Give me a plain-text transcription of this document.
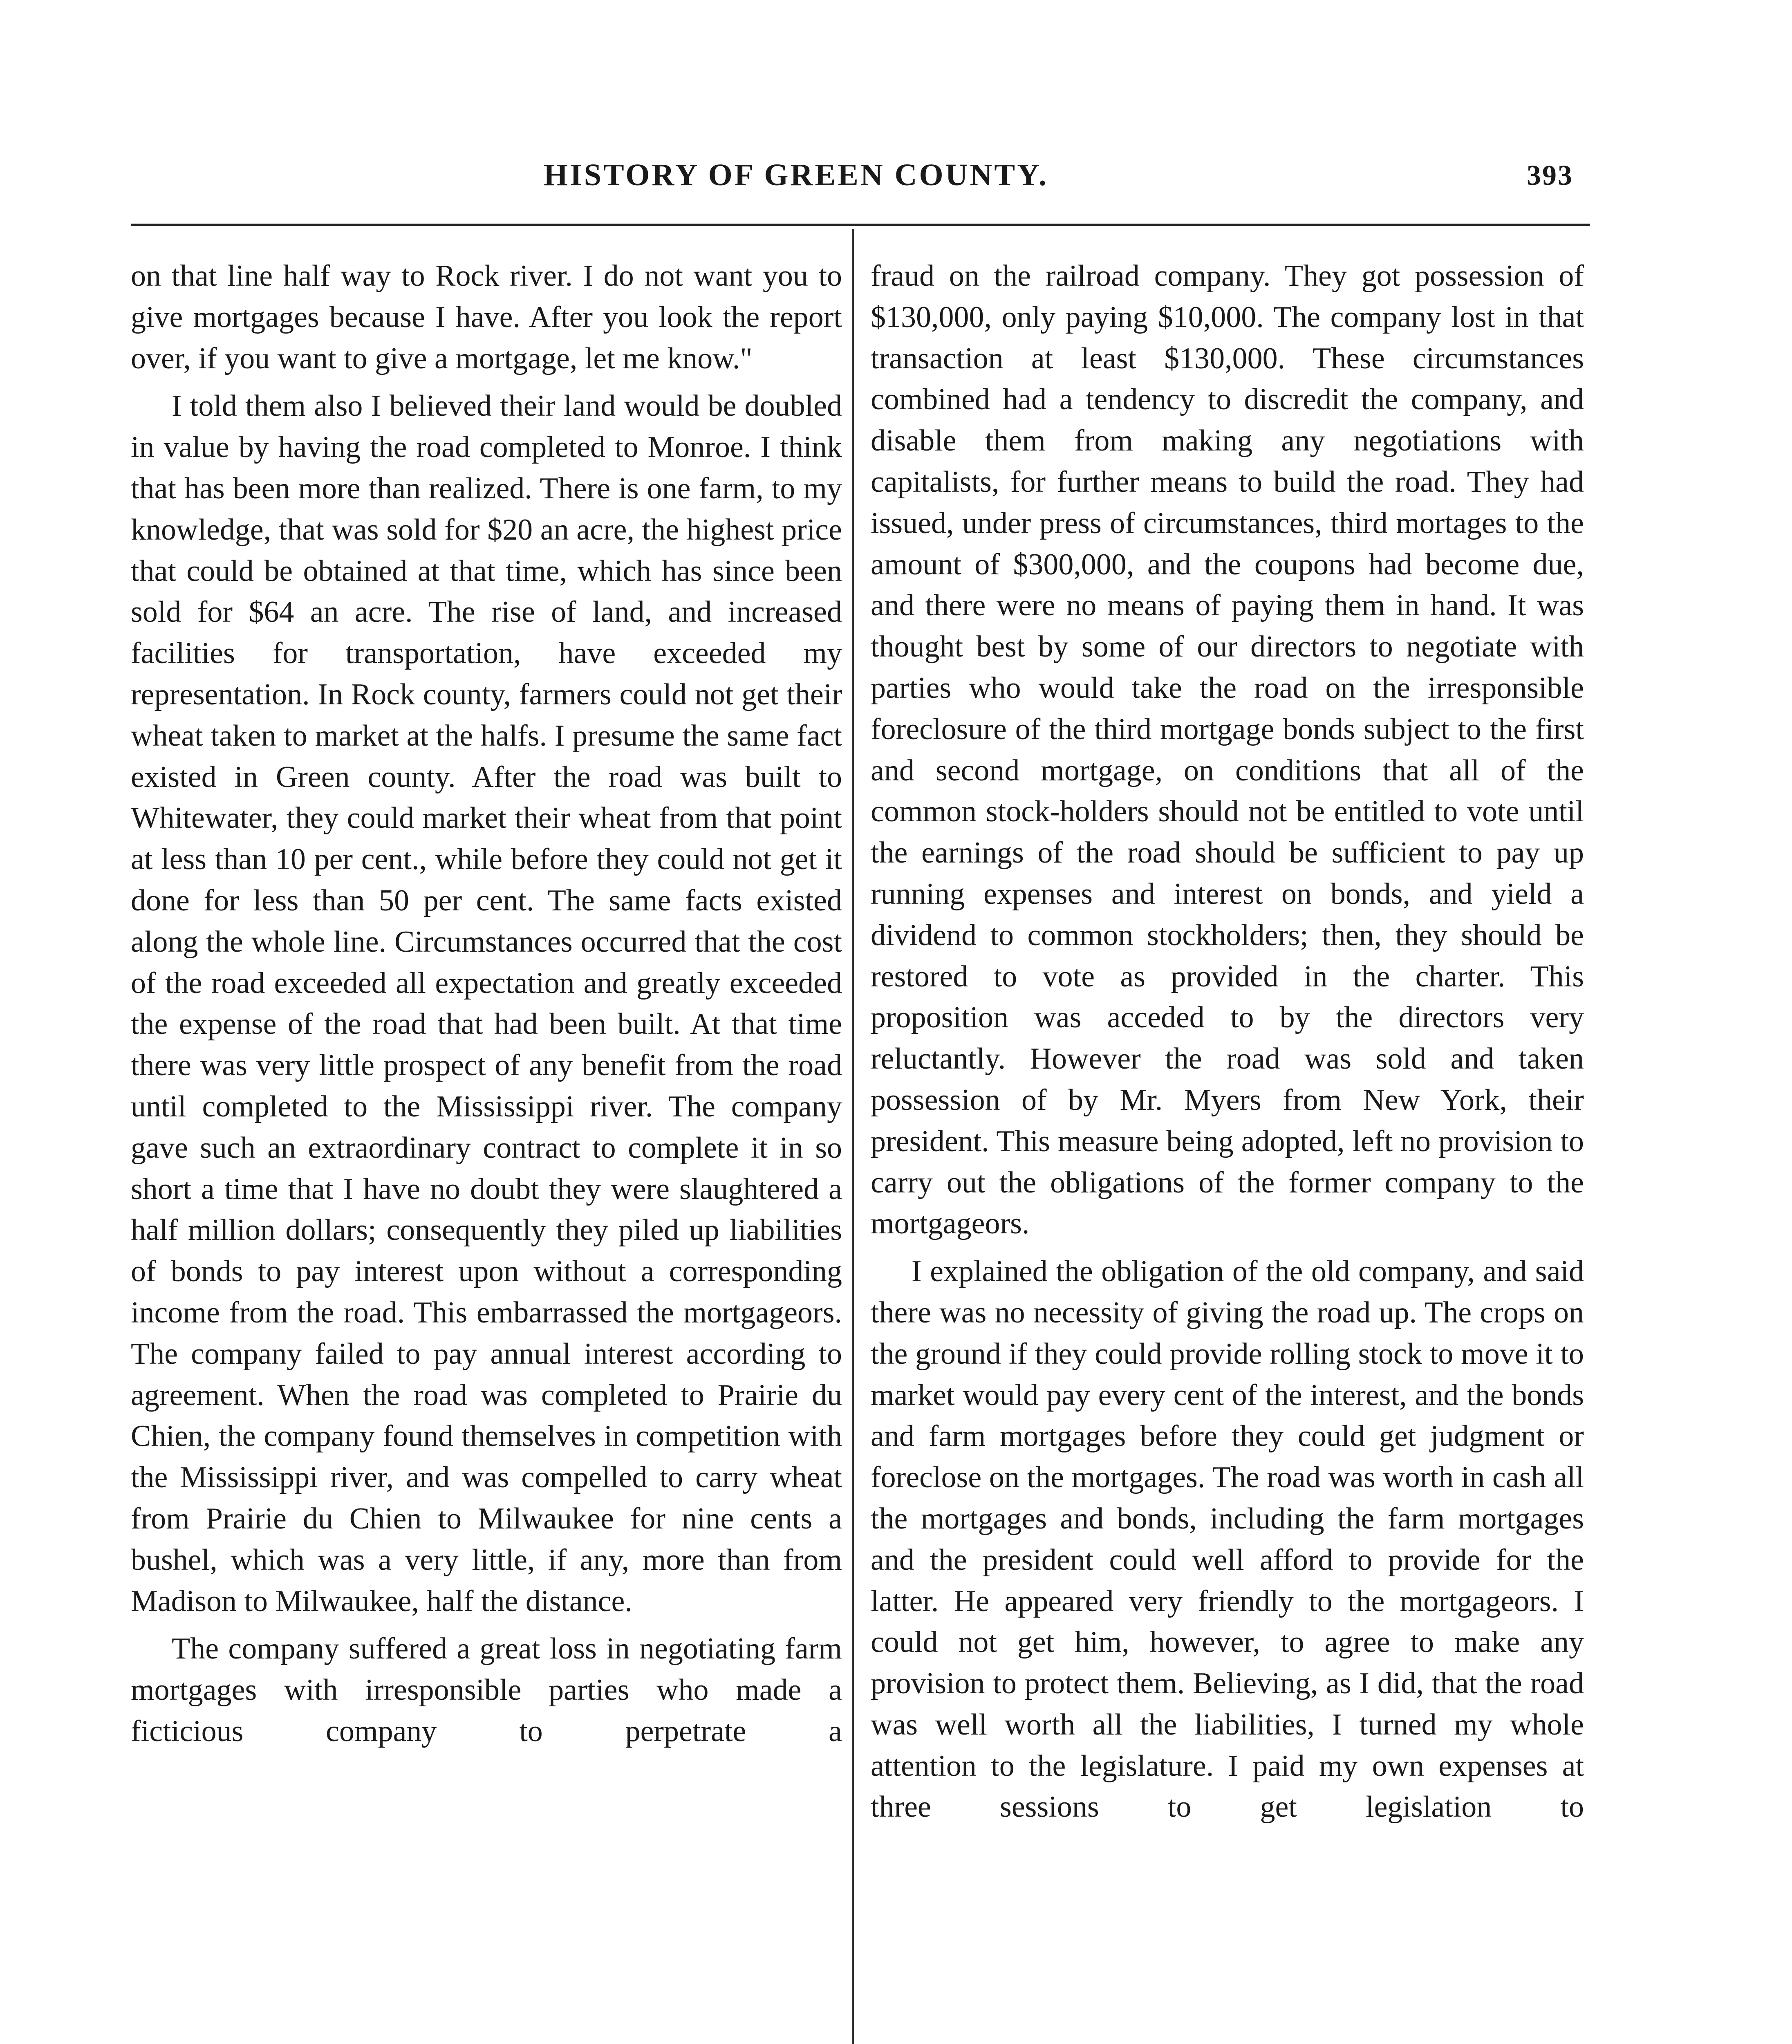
HISTORY OF GREEN COUNTY.	393

on that line half way to Rock river. I do not want you to give mortgages because I have. After you look the report over, if you want to give a mortgage, let me know."

I told them also I believed their land would be doubled in value by having the road completed to Monroe. I think that has been more than realized. There is one farm, to my knowledge, that was sold for $20 an acre, the highest price that could be obtained at that time, which has since been sold for $64 an acre. The rise of land, and increased facilities for transportation, have exceeded my representation. In Rock county, farmers could not get their wheat taken to market at the halfs. I presume the same fact existed in Green county. After the road was built to Whitewater, they could market their wheat from that point at less than 10 per cent., while before they could not get it done for less than 50 per cent. The same facts existed along the whole line. Circumstances occurred that the cost of the road exceeded all expectation and greatly exceeded the expense of the road that had been built. At that time there was very little prospect of any benefit from the road until completed to the Mississippi river. The company gave such an extraordinary contract to complete it in so short a time that I have no doubt they were slaughtered a half million dollars; consequently they piled up liabilities of bonds to pay interest upon without a corresponding income from the road. This embarrassed the mortgageors. The company failed to pay annual interest according to agreement. When the road was completed to Prairie du Chien, the company found themselves in competition with the Mississippi river, and was compelled to carry wheat from Prairie du Chien to Milwaukee for nine cents a bushel, which was a very little, if any, more than from Madison to Milwaukee, half the distance.

The company suffered a great loss in negotiating farm mortgages with irresponsible parties who made a ficticious company to perpetrate a

fraud on the railroad company. They got possession of $130,000, only paying $10,000. The company lost in that transaction at least $130,000. These circumstances combined had a tendency to discredit the company, and disable them from making any negotiations with capitalists, for further means to build the road. They had issued, under press of circumstances, third mortages to the amount of $300,000, and the coupons had become due, and there were no means of paying them in hand. It was thought best by some of our directors to negotiate with parties who would take the road on the irresponsible foreclosure of the third mortgage bonds subject to the first and second mortgage, on conditions that all of the common stock-holders should not be entitled to vote until the earnings of the road should be sufficient to pay up running expenses and interest on bonds, and yield a dividend to common stockholders; then, they should be restored to vote as provided in the charter. This proposition was acceded to by the directors very reluctantly. However the road was sold and taken possession of by Mr. Myers from New York, their president. This measure being adopted, left no provision to carry out the obligations of the former company to the mortgageors.

I explained the obligation of the old company, and said there was no necessity of giving the road up. The crops on the ground if they could provide rolling stock to move it to market would pay every cent of the interest, and the bonds and farm mortgages before they could get judgment or foreclose on the mortgages. The road was worth in cash all the mortgages and bonds, including the farm mortgages and the president could well afford to provide for the latter. He appeared very friendly to the mortgageors. I could not get him, however, to agree to make any provision to protect them. Believing, as I did, that the road was well worth all the liabilities, I turned my whole attention to the legislature. I paid my own expenses at three sessions to get legislation to
